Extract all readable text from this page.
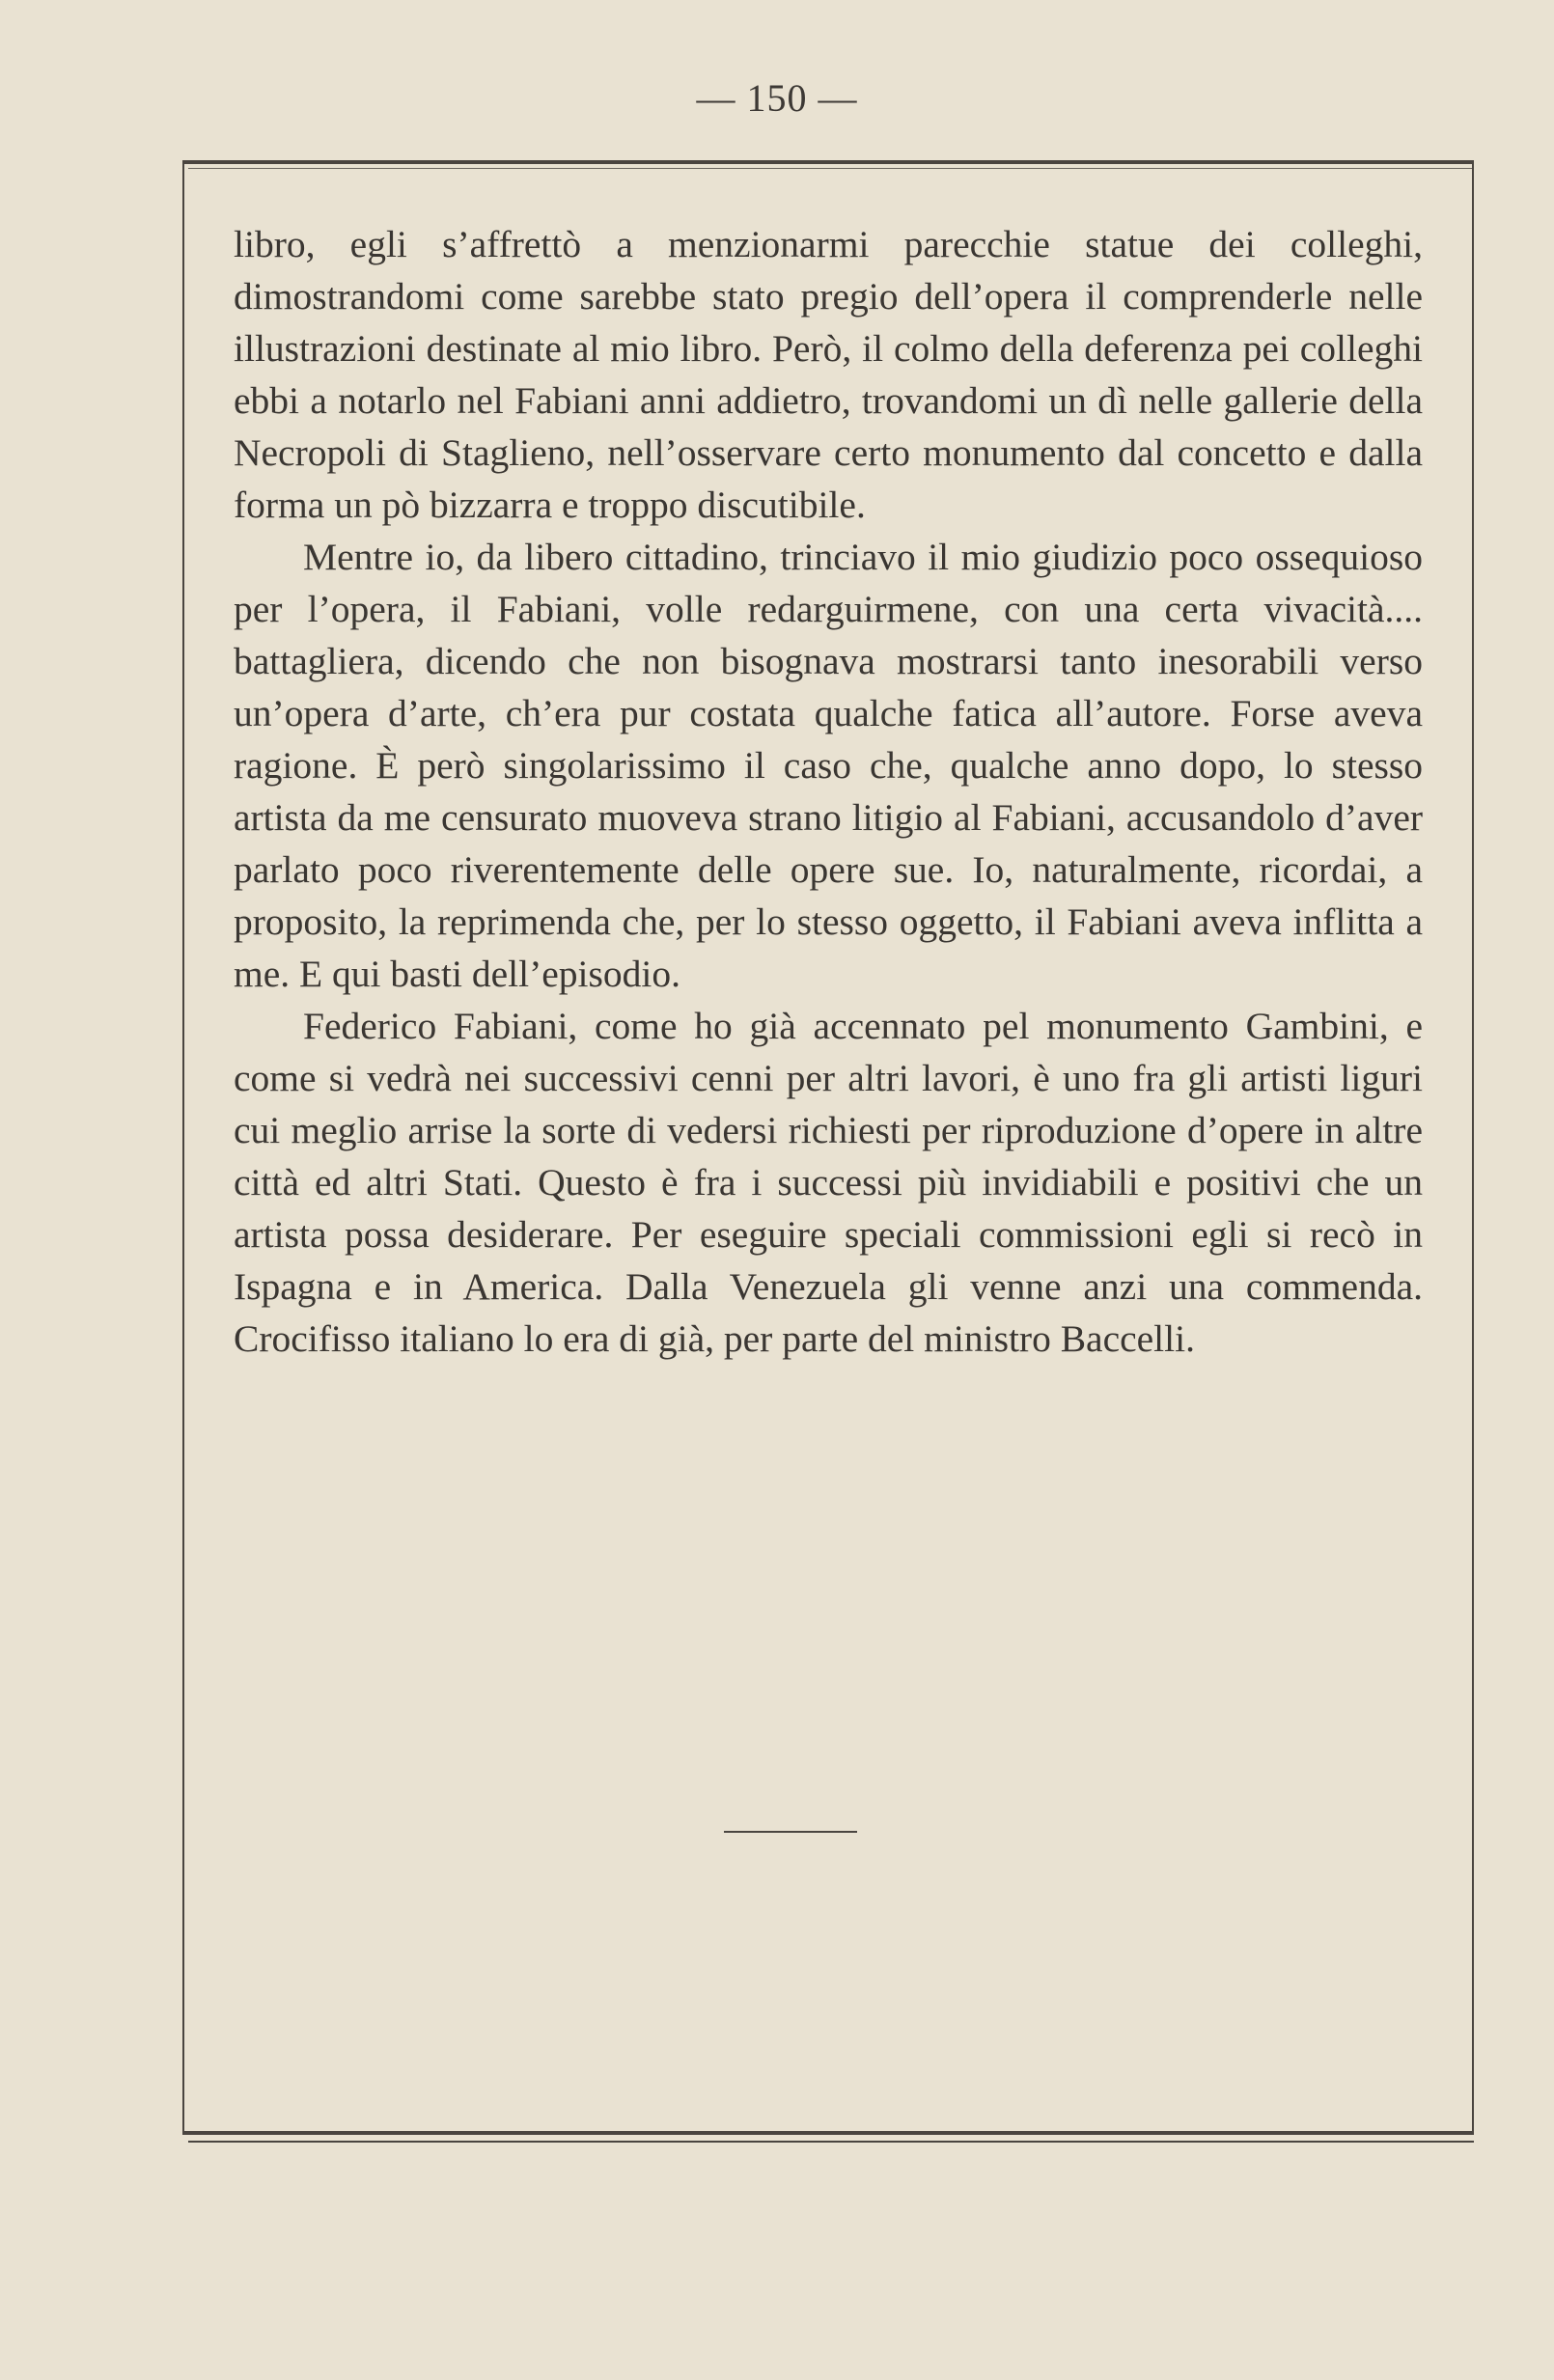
— 150 —

libro, egli s’affrettò a menzionarmi parecchie statue dei colleghi, dimostrandomi come sarebbe stato pregio dell’opera il comprenderle nelle illustrazioni destinate al mio libro. Però, il colmo della deferenza pei colleghi ebbi a notarlo nel Fabiani anni addietro, trovandomi un dì nelle gallerie della Necropoli di Staglieno, nell’osservare certo monumento dal concetto e dalla forma un pò bizzarra e troppo discutibile.

Mentre io, da libero cittadino, trinciavo il mio giudizio poco ossequioso per l’opera, il Fabiani, volle redarguirmene, con una certa vivacità.... battagliera, dicendo che non bisognava mostrarsi tanto inesorabili verso un’opera d’arte, ch’era pur costata qualche fatica all’autore. Forse aveva ragione. È però singolarissimo il caso che, qualche anno dopo, lo stesso artista da me censurato muoveva strano litigio al Fabiani, accusandolo d’aver parlato poco riverentemente delle opere sue. Io, naturalmente, ricordai, a proposito, la reprimenda che, per lo stesso oggetto, il Fabiani aveva inflitta a me. E qui basti dell’episodio.

Federico Fabiani, come ho già accennato pel monumento Gambini, e come si vedrà nei successivi cenni per altri lavori, è uno fra gli artisti liguri cui meglio arrise la sorte di vedersi richiesti per riproduzione d’opere in altre città ed altri Stati. Questo è fra i successi più invidiabili e positivi che un artista possa desiderare. Per eseguire speciali commissioni egli si recò in Ispagna e in America. Dalla Venezuela gli venne anzi una commenda. Crocifisso italiano lo era di già, per parte del ministro Baccelli.
